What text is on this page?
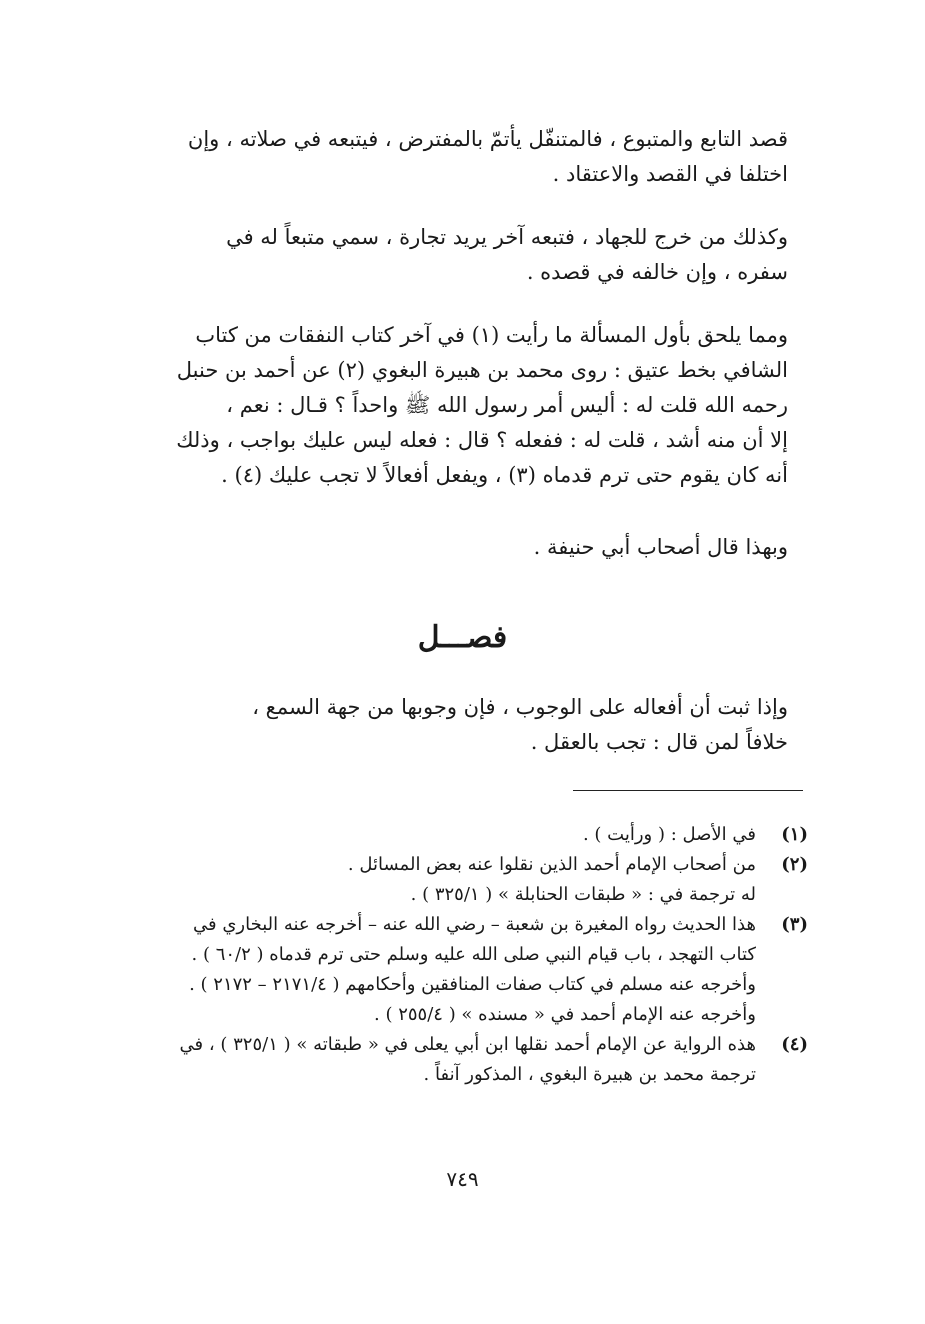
قصد التابع والمتبوع ، فالمتنفّل يأتمّ بالمفترض ، فيتبعه في صلاته ، وإن
اختلفا في القصد والاعتقاد .
وكذلك من خرج للجهاد ، فتبعه آخر يريد تجارة ، سمي متبعاً له في
سفره ، وإن خالفه في قصده .
ومما يلحق بأول المسألة ما رأيت (١) في آخر كتاب النفقات من كتاب
الشافي بخط عتيق : روى محمد بن هبيرة البغوي (٢) عن أحمد بن حنبل
رحمه الله قلت له : أليس أمر رسول الله ﷺ واحداً ؟ قـال : نعم ،
إلا أن منه أشد ، قلت له : ففعله ؟ قال : فعله ليس عليك بواجب ، وذلك
أنه كان يقوم حتى ترم قدماه (٣) ، ويفعل أفعالاً لا تجب عليك (٤) .
وبهذا قال أصحاب أبي حنيفة .
فصـــل
وإذا ثبت أن أفعاله على الوجوب ، فإن وجوبها من جهة السمع ،
خلافاً لمن قال : تجب بالعقل .
(١)
في الأصل : ( ورأيت ) .
(٢)
من أصحاب الإمام أحمد الذين نقلوا عنه بعض المسائل .
له ترجمة في : « طبقات الحنابلة » ( ٣٢٥/١ ) .
(٣)
هذا الحديث رواه المغيرة بن شعبة – رضي الله عنه – أخرجه عنه البخاري في
كتاب التهجد ، باب قيام النبي صلى الله عليه وسلم حتى ترم قدماه ( ٦٠/٢ ) .
وأخرجه عنه مسلم في كتاب صفات المنافقين وأحكامهم ( ٢١٧١/٤ – ٢١٧٢ ) .
وأخرجه عنه الإمام أحمد في « مسنده » ( ٢٥٥/٤ ) .
(٤)
هذه الرواية عن الإمام أحمد نقلها ابن أبي يعلى في « طبقاته » ( ٣٢٥/١ ) ، في
ترجمة محمد بن هبيرة البغوي ، المذكور آنفاً .
٧٤٩
